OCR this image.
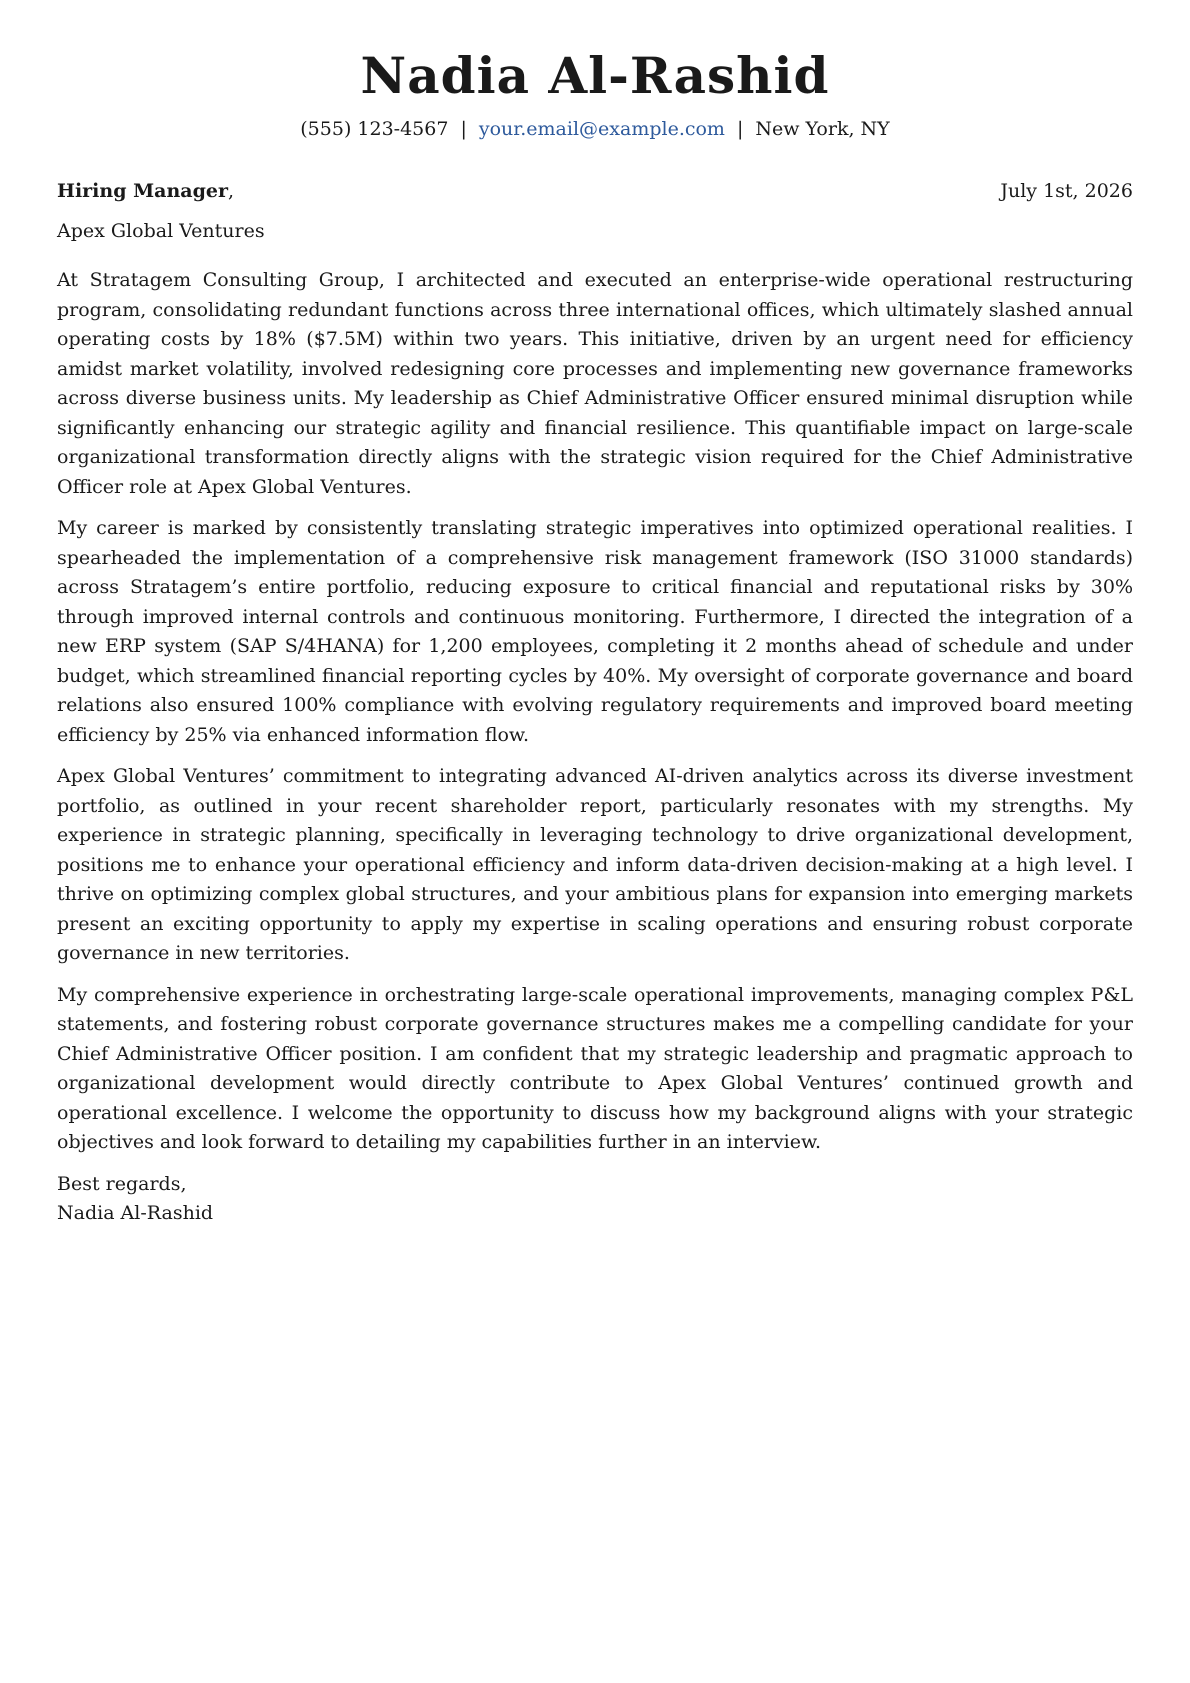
Nadia Al-Rashid
(555) 123-4567 | your.email@example.com | New York, NY
Hiring Manager,	July 1st, 2026
Apex Global Ventures

At Stratagem Consulting Group, I architected and executed an enterprise-wide operational restructuring program, consolidating redundant functions across three international offices, which ultimately slashed annual operating costs by 18% ($7.5M) within two years. This initiative, driven by an urgent need for efficiency amidst market volatility, involved redesigning core processes and implementing new governance frameworks across diverse business units. My leadership as Chief Administrative Officer ensured minimal disruption while significantly enhancing our strategic agility and financial resilience. This quantifiable impact on large-scale organizational transformation directly aligns with the strategic vision required for the Chief Administrative Officer role at Apex Global Ventures.

My career is marked by consistently translating strategic imperatives into optimized operational realities. I spearheaded the implementation of a comprehensive risk management framework (ISO 31000 standards) across Stratagem’s entire portfolio, reducing exposure to critical financial and reputational risks by 30% through improved internal controls and continuous monitoring. Furthermore, I directed the integration of a new ERP system (SAP S/4HANA) for 1,200 employees, completing it 2 months ahead of schedule and under budget, which streamlined financial reporting cycles by 40%. My oversight of corporate governance and board relations also ensured 100% compliance with evolving regulatory requirements and improved board meeting efficiency by 25% via enhanced information flow.

Apex Global Ventures’ commitment to integrating advanced AI-driven analytics across its diverse investment portfolio, as outlined in your recent shareholder report, particularly resonates with my strengths. My experience in strategic planning, specifically in leveraging technology to drive organizational development, positions me to enhance your operational efficiency and inform data-driven decision-making at a high level. I thrive on optimizing complex global structures, and your ambitious plans for expansion into emerging markets present an exciting opportunity to apply my expertise in scaling operations and ensuring robust corporate governance in new territories.

My comprehensive experience in orchestrating large-scale operational improvements, managing complex P&L statements, and fostering robust corporate governance structures makes me a compelling candidate for your Chief Administrative Officer position. I am confident that my strategic leadership and pragmatic approach to organizational development would directly contribute to Apex Global Ventures’ continued growth and operational excellence. I welcome the opportunity to discuss how my background aligns with your strategic objectives and look forward to detailing my capabilities further in an interview.

Best regards,
Nadia Al-Rashid
